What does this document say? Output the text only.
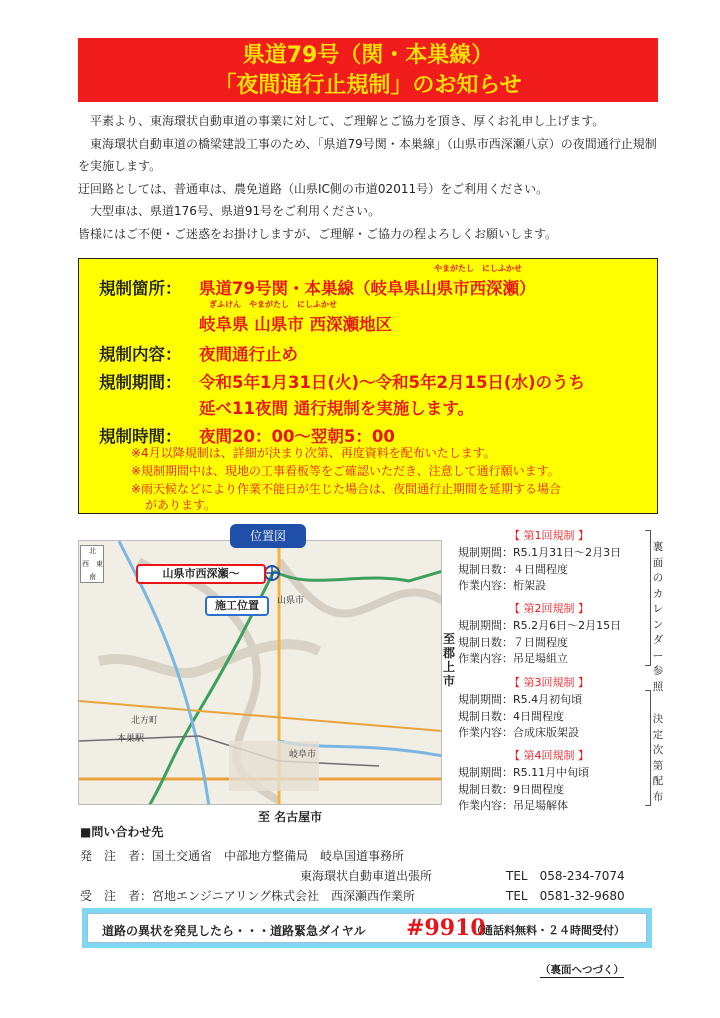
県道79号（関・本巣線）
「夜間通行止規制」のお知らせ

　平素より、東海環状自動車道の事業に対して、ご理解とご協力を頂き、厚くお礼申し上げます。

　東海環状自動車道の橋梁建設工事のため、「県道79号関・本巣線」（山県市西深瀬八京）の夜間通行止規制を実施します。

迂回路としては、普通車は、農免道路（山県IC側の市道02011号）をご利用ください。

　大型車は、県道176号、県道91号をご利用ください。

皆様にはご不便・ご迷惑をお掛けしますが、ご理解・ご協力の程よろしくお願いします。

やまがたし　にしふかせ
規制箇所： 県道79号関・本巣線（岐阜県山県市西深瀬）
ぎふけん　やまがたし　にしふかせ
岐阜県 山県市 西深瀬地区
規制内容： 夜間通行止め
規制期間： 令和5年1月31日(火)～令和5年2月15日(水)のうち
延べ11夜間 通行規制を実施します。
規制時間： 夜間20：00～翌朝5：00
※4月以降規制は、詳細が決まり次第、再度資料を配布いたします。
※規制期間中は、現地の工事看板等をご確認いただき、注意して通行願います。
※雨天候などにより作業不能日が生じた場合は、夜間通行止期間を延期する場合
があります。
山県市
岐阜市
本巣駅
北方町
北
西 東
南
位置図
山県市西深瀬～
施工位置
至郡上市
至 名古屋市
【 第1回規制 】
規制期間：R5.1月31日～2月3日
規制日数：４日間程度
作業内容：桁架設
【 第2回規制 】
規制期間：R5.2月6日～2月15日
規制日数：７日間程度
作業内容：吊足場組立
【 第3回規制 】
規制期間：R5.4月初旬頃
規制日数：4日間程度
作業内容：合成床版架設
【 第4回規制 】
規制期間：R5.11月中旬頃
規制日数：9日間程度
作業内容：吊足場解体
裏面のカレンダー参照
決定次第配布
■問い合わせ先
発　注　者：国土交通省　中部地方整備局　岐阜国道事務所
東海環状自動車道出張所	TEL　058-234-7074
受　注　者：宮地エンジニアリング株式会社　西深瀬西作業所	TEL　0581-32-9680
道路の異状を発見したら・・・道路緊急ダイヤル #9910
（通話料無料・２４時間受付）
（裏面へつづく）
